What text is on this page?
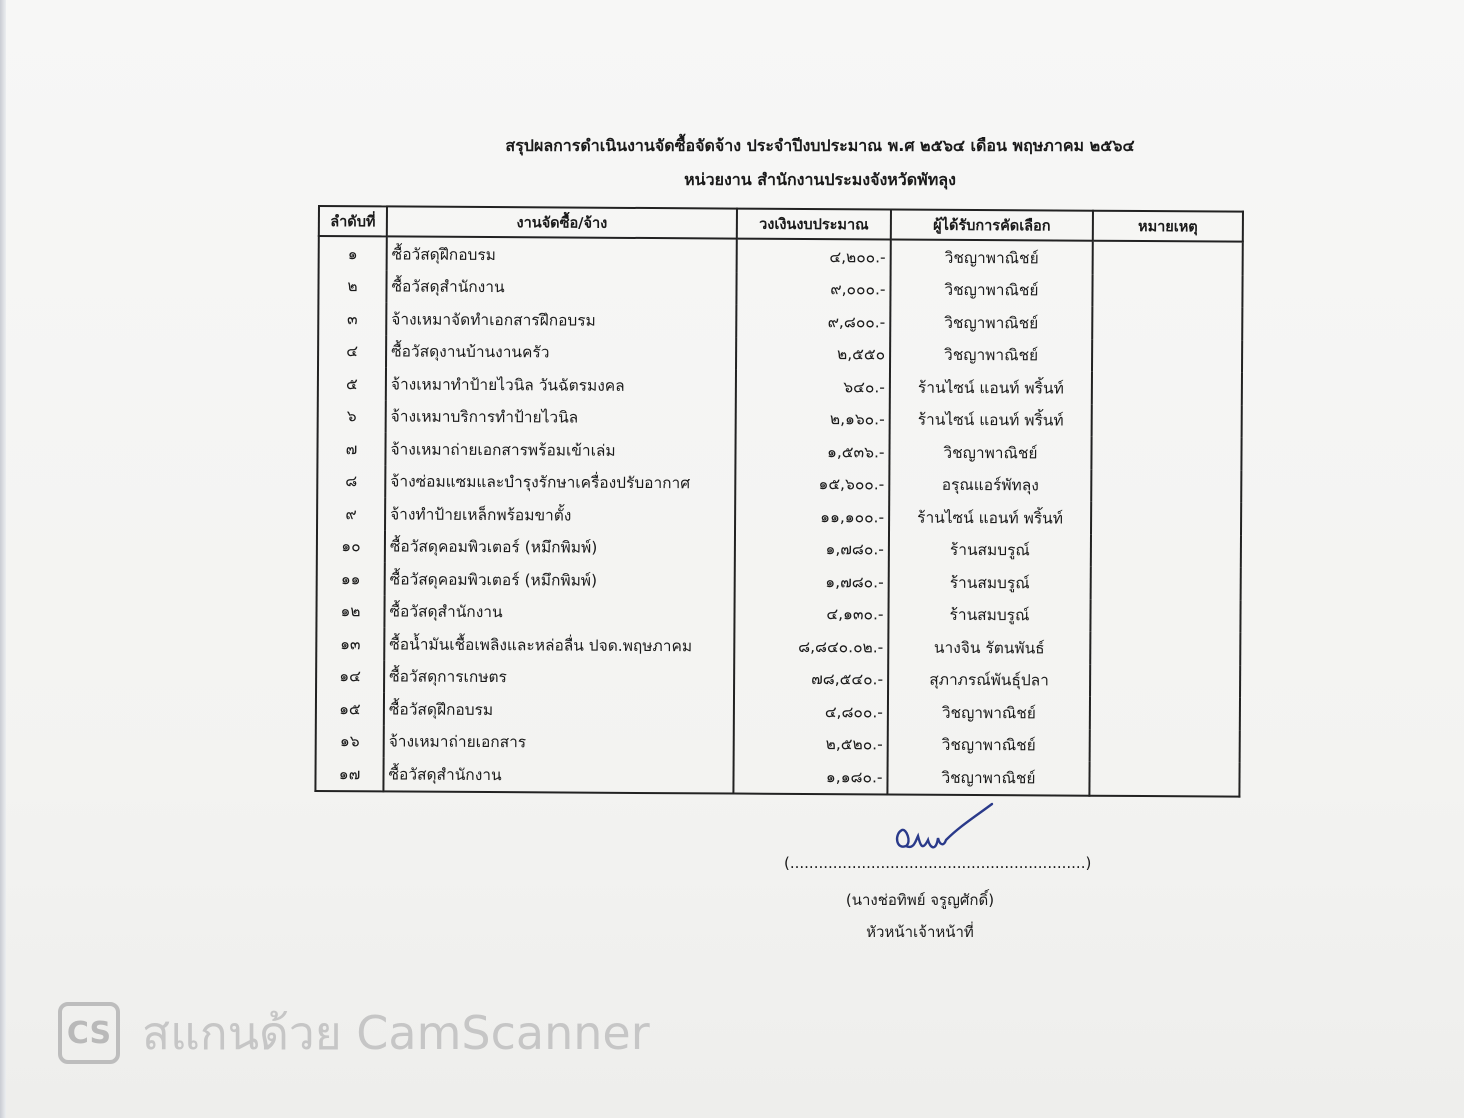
สรุปผลการดำเนินงานจัดซื้อจัดจ้าง ประจำปีงบประมาณ พ.ศ ๒๕๖๔ เดือน พฤษภาคม ๒๕๖๔
หน่วยงาน สำนักงานประมงจังหวัดพัทลุง
ลำดับที่	งานจัดซื้อ/จ้าง	วงเงินงบประมาณ	ผู้ได้รับการคัดเลือก	หมายเหตุ
๑	ซื้อวัสดุฝึกอบรม	๔,๒๐๐.-	วิชญาพาณิชย์	
๒	ซื้อวัสดุสำนักงาน	๙,๐๐๐.-	วิชญาพาณิชย์	
๓	จ้างเหมาจัดทำเอกสารฝึกอบรม	๙,๘๐๐.-	วิชญาพาณิชย์	
๔	ซื้อวัสดุงานบ้านงานครัว	๒,๕๕๐	วิชญาพาณิชย์	
๕	จ้างเหมาทำป้ายไวนิล วันฉัตรมงคล	๖๔๐.-	ร้านไซน์ แอนท์ พริ้นท์	
๖	จ้างเหมาบริการทำป้ายไวนิล	๒,๑๖๐.-	ร้านไซน์ แอนท์ พริ้นท์	
๗	จ้างเหมาถ่ายเอกสารพร้อมเข้าเล่ม	๑,๕๓๖.-	วิชญาพาณิชย์	
๘	จ้างซ่อมแซมและบำรุงรักษาเครื่องปรับอากาศ	๑๕,๖๐๐.-	อรุณแอร์พัทลุง	
๙	จ้างทำป้ายเหล็กพร้อมขาตั้ง	๑๑,๑๐๐.-	ร้านไซน์ แอนท์ พริ้นท์	
๑๐	ซื้อวัสดุคอมพิวเตอร์ (หมึกพิมพ์)	๑,๗๘๐.-	ร้านสมบรูณ์	
๑๑	ซื้อวัสดุคอมพิวเตอร์ (หมึกพิมพ์)	๑,๗๘๐.-	ร้านสมบรูณ์	
๑๒	ซื้อวัสดุสำนักงาน	๔,๑๓๐.-	ร้านสมบรูณ์	
๑๓	ซื้อน้ำมันเชื้อเพลิงและหล่อลื่น ปจด.พฤษภาคม	๘,๘๔๐.๐๒.-	นางจิน รัตนพันธ์	
๑๔	ซื้อวัสดุการเกษตร	๗๘,๕๔๐.-	สุภาภรณ์พันธุ์ปลา	
๑๕	ซื้อวัสดุฝึกอบรม	๔,๘๐๐.-	วิชญาพาณิชย์	
๑๖	จ้างเหมาถ่ายเอกสาร	๒,๕๒๐.-	วิชญาพาณิชย์	
๑๗	ซื้อวัสดุสำนักงาน	๑,๑๘๐.-	วิชญาพาณิชย์	
(..............................................................)
(นางช่อทิพย์ จรูญศักดิ์)
หัวหน้าเจ้าหน้าที่
CS สแกนด้วย CamScanner
